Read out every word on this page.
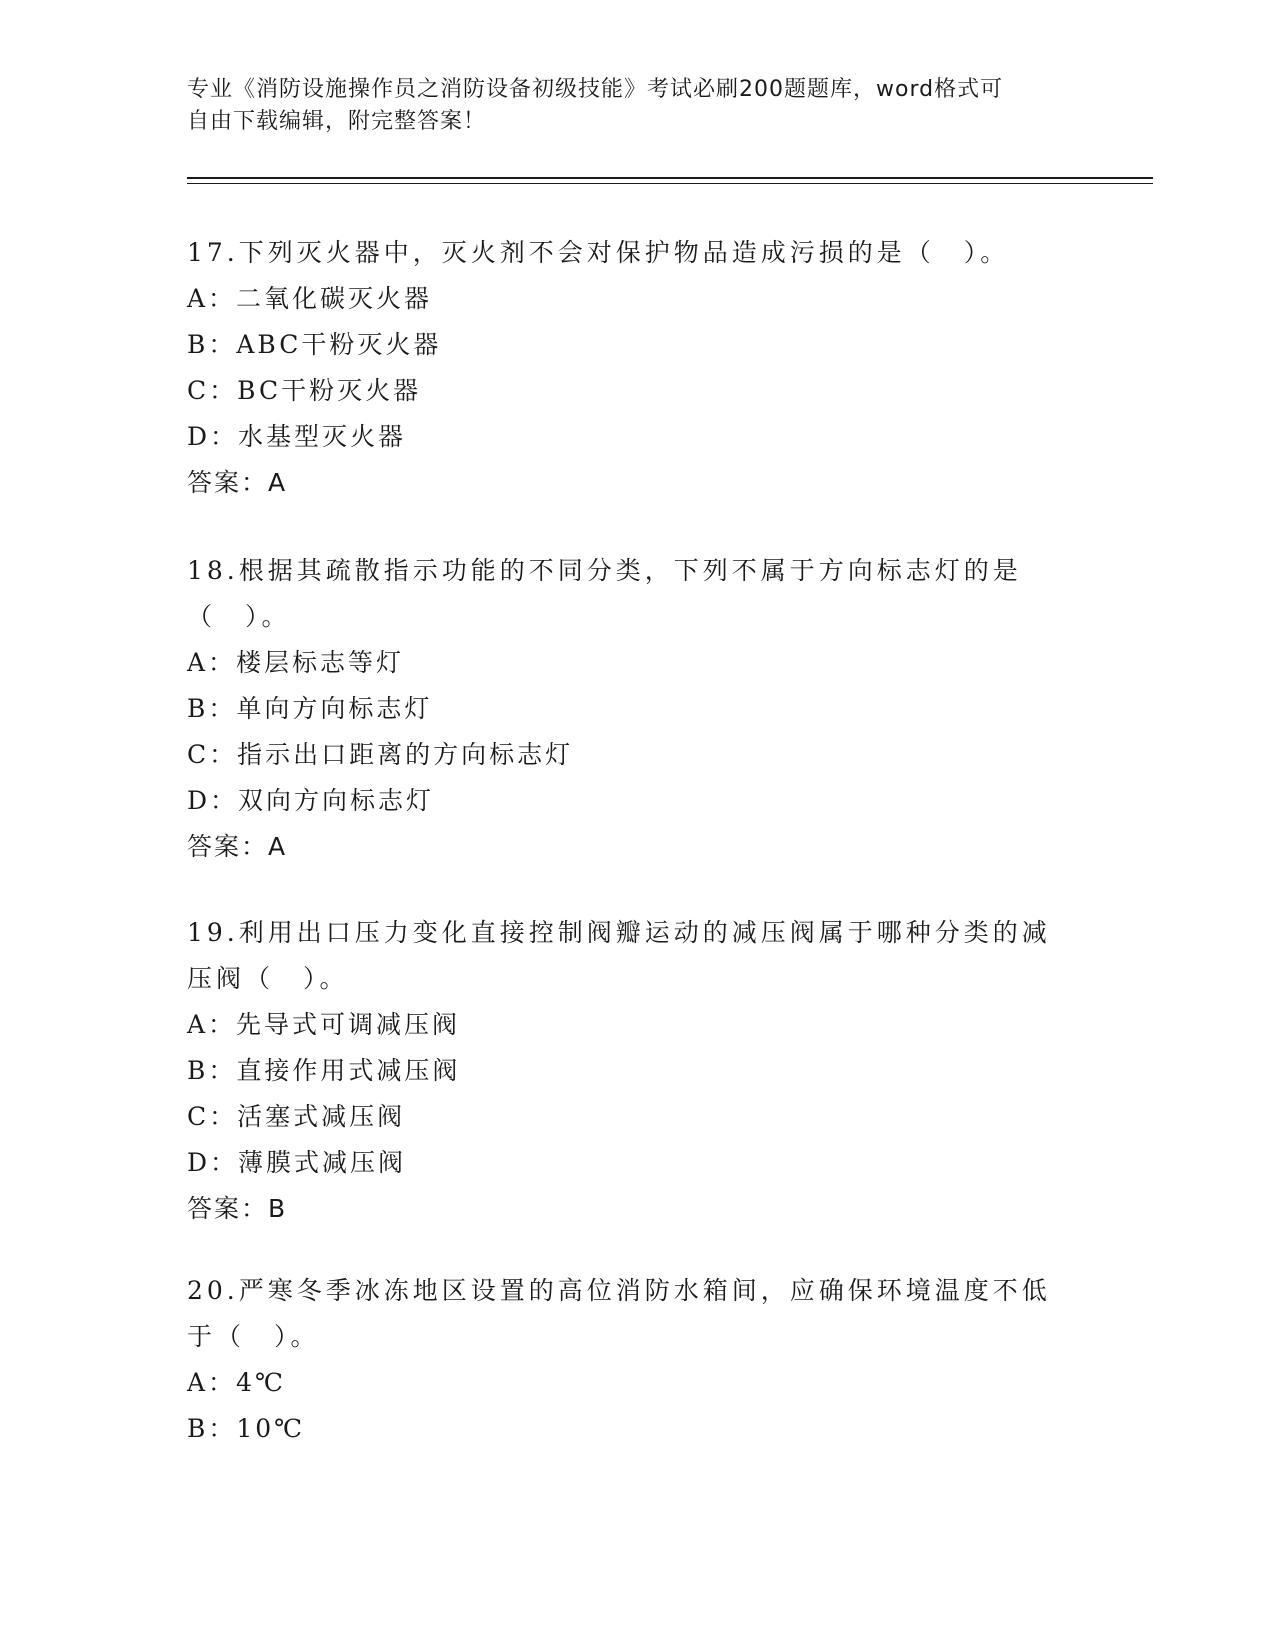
专业《消防设施操作员之消防设备初级技能》考试必刷200题题库，word格式可
自由下载编辑，附完整答案！

17.下列灭火器中，灭火剂不会对保护物品造成污损的是（　）。

A：二氧化碳灭火器

B：ABC干粉灭火器

C：BC干粉灭火器

D：水基型灭火器

答案：A

18.根据其疏散指示功能的不同分类，下列不属于方向标志灯的是（　）。

A：楼层标志等灯

B：单向方向标志灯

C：指示出口距离的方向标志灯

D：双向方向标志灯

答案：A

19.利用出口压力变化直接控制阀瓣运动的减压阀属于哪种分类的减压阀（　）。

A：先导式可调减压阀

B：直接作用式减压阀

C：活塞式减压阀

D：薄膜式减压阀

答案：B

20.严寒冬季冰冻地区设置的高位消防水箱间，应确保环境温度不低于（　）。

A：4℃

B：10℃
